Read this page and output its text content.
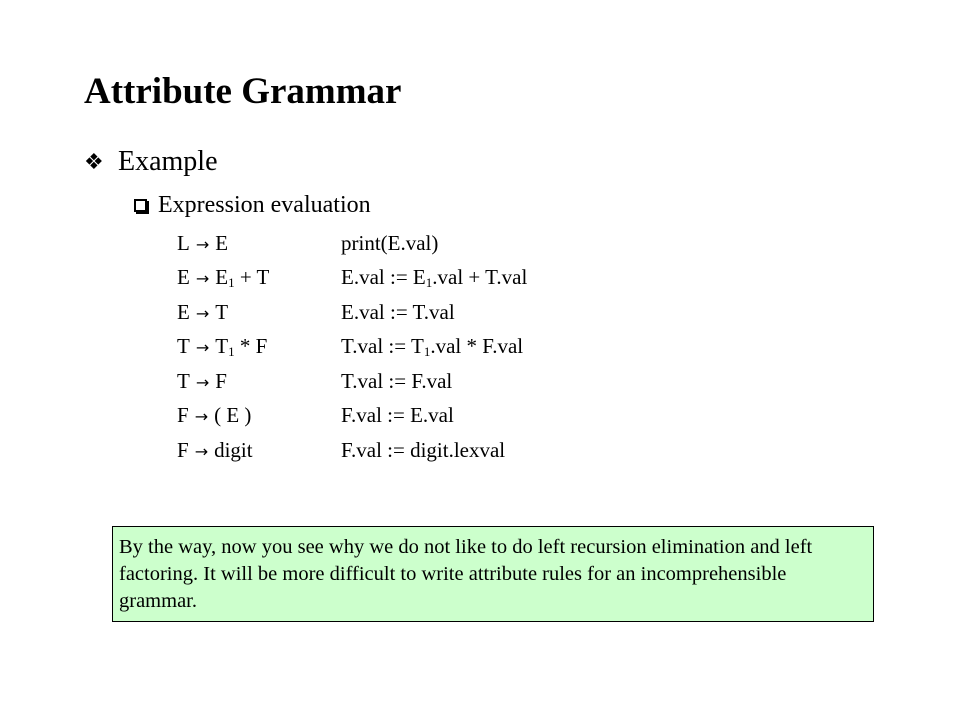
Attribute Grammar
❖ Example
Expression evaluation
L → E	print(E.val)
$E \to E_1 + T$	E.val := $E_1.val + T.val$
E → T	E.val := T.val
$T \to T_1 * F$	T.val := $T_1.val * F.val$
T → F	T.val := F.val
F → ( E )	F.val := E.val
F → digit	F.val := digit.lexval
By the way, now you see why we do not like to do left recursion elimination and left factoring. It will be more difficult to write attribute rules for an incomprehensible grammar.
